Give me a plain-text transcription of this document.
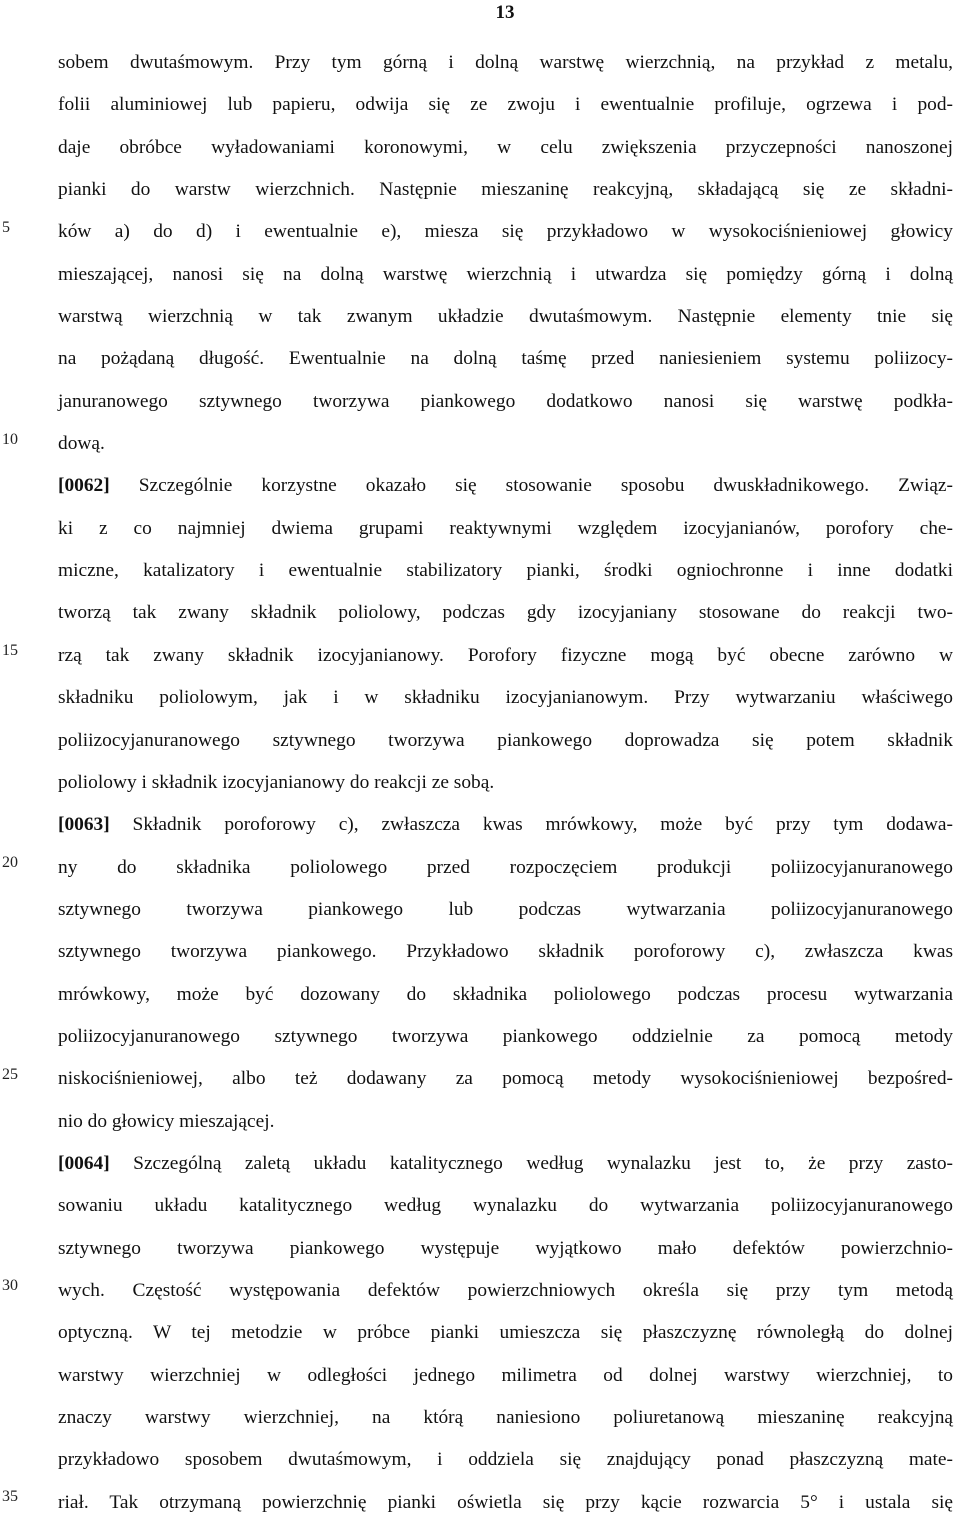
13
5
10
15
20
25
30
35
sobem dwutaśmowym. Przy tym górną i dolną warstwę wierzchnią, na przykład z metalu,
folii aluminiowej lub papieru, odwija się ze zwoju i ewentualnie profiluje, ogrzewa i pod-
daje obróbce wyładowaniami koronowymi, w celu zwiększenia przyczepności nanoszonej
pianki do warstw wierzchnich. Następnie mieszaninę reakcyjną, składającą się ze składni-
ków a) do d) i ewentualnie e), miesza się przykładowo w wysokociśnieniowej głowicy
mieszającej, nanosi się na dolną warstwę wierzchnią i utwardza się pomiędzy górną i dolną
warstwą wierzchnią w tak zwanym układzie dwutaśmowym. Następnie elementy tnie się
na pożądaną długość. Ewentualnie na dolną taśmę przed naniesieniem systemu poliizocy-
januranowego sztywnego tworzywa piankowego dodatkowo nanosi się warstwę podkła-
dową.
[0062] Szczególnie korzystne okazało się stosowanie sposobu dwuskładnikowego. Związ-
ki z co najmniej dwiema grupami reaktywnymi względem izocyjanianów, porofory che-
miczne, katalizatory i ewentualnie stabilizatory pianki, środki ogniochronne i inne dodatki
tworzą tak zwany składnik poliolowy, podczas gdy izocyjaniany stosowane do reakcji two-
rzą tak zwany składnik izocyjanianowy. Porofory fizyczne mogą być obecne zarówno w
składniku poliolowym, jak i w składniku izocyjanianowym. Przy wytwarzaniu właściwego
poliizocyjanuranowego sztywnego tworzywa piankowego doprowadza się potem składnik
poliolowy i składnik izocyjanianowy do reakcji ze sobą.
[0063] Składnik poroforowy c), zwłaszcza kwas mrówkowy, może być przy tym dodawa-
ny do składnika poliolowego przed rozpoczęciem produkcji poliizocyjanuranowego
sztywnego tworzywa piankowego lub podczas wytwarzania poliizocyjanuranowego
sztywnego tworzywa piankowego. Przykładowo składnik poroforowy c), zwłaszcza kwas
mrówkowy, może być dozowany do składnika poliolowego podczas procesu wytwarzania
poliizocyjanuranowego sztywnego tworzywa piankowego oddzielnie za pomocą metody
niskociśnieniowej, albo też dodawany za pomocą metody wysokociśnieniowej bezpośred-
nio do głowicy mieszającej.
[0064] Szczególną zaletą układu katalitycznego według wynalazku jest to, że przy zasto-
sowaniu układu katalitycznego według wynalazku do wytwarzania poliizocyjanuranowego
sztywnego tworzywa piankowego występuje wyjątkowo mało defektów powierzchnio-
wych. Częstość występowania defektów powierzchniowych określa się przy tym metodą
optyczną. W tej metodzie w próbce pianki umieszcza się płaszczyznę równoległą do dolnej
warstwy wierzchniej w odległości jednego milimetra od dolnej warstwy wierzchniej, to
znaczy warstwy wierzchniej, na którą naniesiono poliuretanową mieszaninę reakcyjną
przykładowo sposobem dwutaśmowym, i oddziela się znajdujący ponad płaszczyzną mate-
riał. Tak otrzymaną powierzchnię pianki oświetla się przy kącie rozwarcia 5° i ustala się
